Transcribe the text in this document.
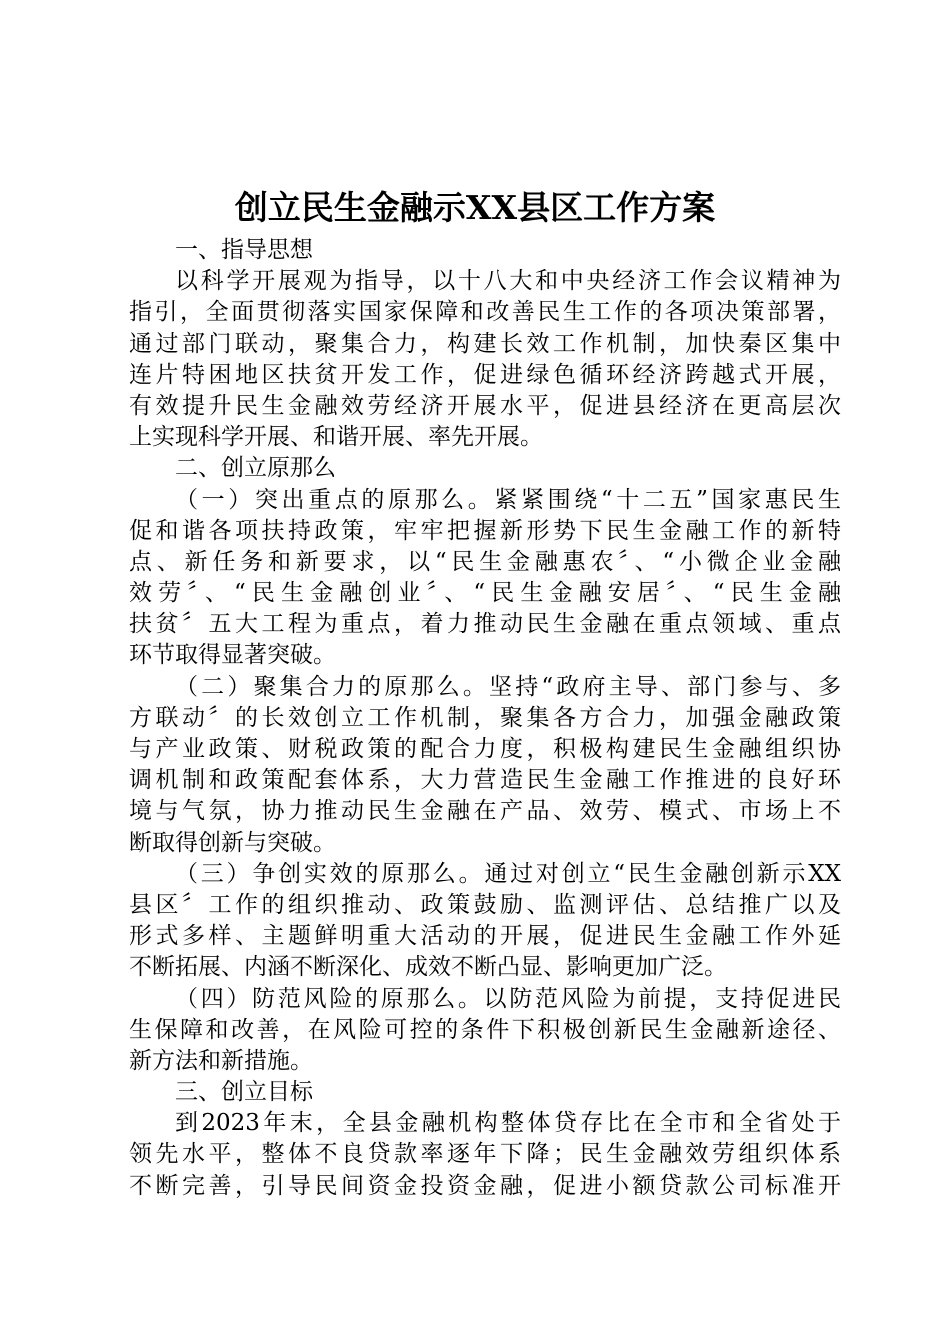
创立民生金融示XX县区工作方案
一、指导思想
以科学开展观为指导，以十八大和中央经济工作会议精神为
指引，全面贯彻落实国家保障和改善民生工作的各项决策部署，
通过部门联动，聚集合力，构建长效工作机制，加快秦区集中
连片特困地区扶贫开发工作，促进绿色循环经济跨越式开展，
有效提升民生金融效劳经济开展水平，促进县经济在更高层次
上实现科学开展、和谐开展、率先开展。
二、创立原那么
（一）突出重点的原那么。紧紧围绕“十二五”国家惠民生
促和谐各项扶持政策，牢牢把握新形势下民生金融工作的新特
点、新任务和新要求，以“民生金融惠农〞、“小微企业金融
效劳〞、“民生金融创业〞、“民生金融安居〞、“民生金融
扶贫〞五大工程为重点，着力推动民生金融在重点领域、重点
环节取得显著突破。
（二）聚集合力的原那么。坚持“政府主导、部门参与、多
方联动〞的长效创立工作机制，聚集各方合力，加强金融政策
与产业政策、财税政策的配合力度，积极构建民生金融组织协
调机制和政策配套体系，大力营造民生金融工作推进的良好环
境与气氛，协力推动民生金融在产品、效劳、模式、市场上不
断取得创新与突破。
（三）争创实效的原那么。通过对创立“民生金融创新示XX
县区〞工作的组织推动、政策鼓励、监测评估、总结推广以及
形式多样、主题鲜明重大活动的开展，促进民生金融工作外延
不断拓展、内涵不断深化、成效不断凸显、影响更加广泛。
（四）防范风险的原那么。以防范风险为前提，支持促进民
生保障和改善，在风险可控的条件下积极创新民生金融新途径、
新方法和新措施。
三、创立目标
到2023年末，全县金融机构整体贷存比在全市和全省处于
领先水平，整体不良贷款率逐年下降；民生金融效劳组织体系
不断完善，引导民间资金投资金融，促进小额贷款公司标准开
